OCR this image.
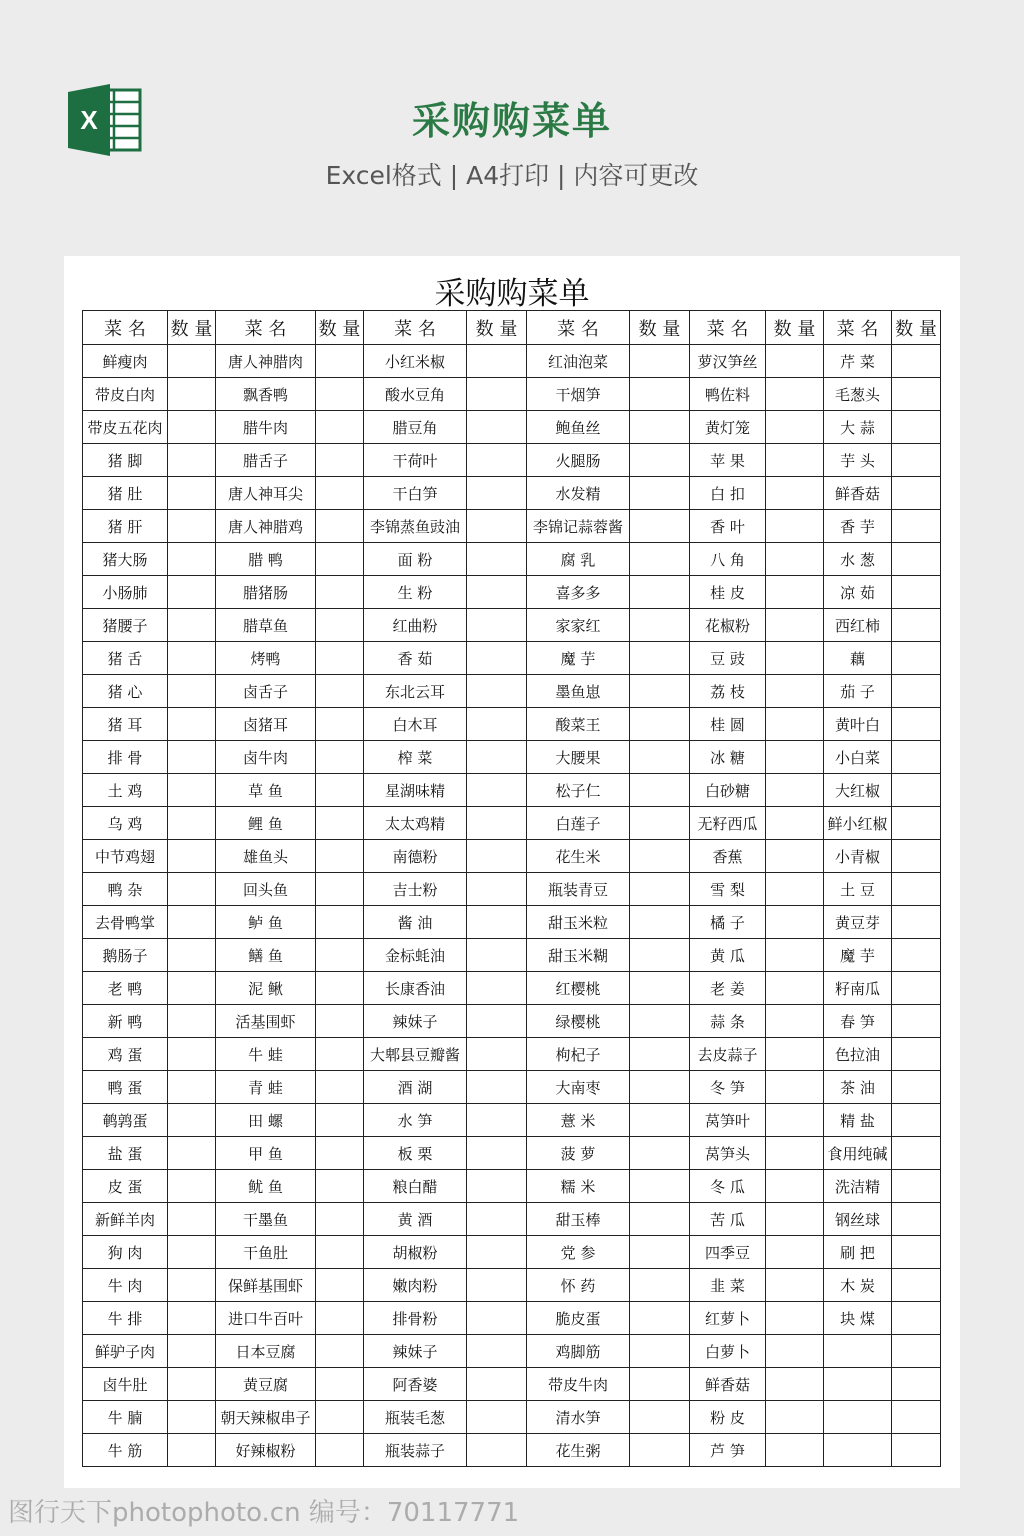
X	采购购菜单
Excel格式 | A4打印 | 内容可更改
采购购菜单
菜 名	数 量	菜 名	数 量	菜 名	数 量	菜 名	数 量	菜 名	数 量	菜 名	数 量
鲜瘦肉		唐人神腊肉		小红米椒		红油泡菜		萝汉笋丝		芹 菜	
带皮白肉		飘香鸭		酸水豆角		干烟笋		鸭佐料		毛葱头	
带皮五花肉		腊牛肉		腊豆角		鲍鱼丝		黄灯笼		大 蒜	
猪 脚		腊舌子		干荷叶		火腿肠		苹 果		芋 头	
猪 肚		唐人神耳尖		干白笋		水发精		白 扣		鲜香菇	
猪 肝		唐人神腊鸡		李锦蒸鱼豉油		李锦记蒜蓉酱		香 叶		香 芋	
猪大肠		腊 鸭		面 粉		腐 乳		八 角		水 葱	
小肠肺		腊猪肠		生 粉		喜多多		桂 皮		凉 茹	
猪腰子		腊草鱼		红曲粉		家家红		花椒粉		西红柿	
猪 舌		烤鸭		香 茹		魔 芋		豆 豉		藕	
猪 心		卤舌子		东北云耳		墨鱼崽		荔 枝		茄 子	
猪 耳		卤猪耳		白木耳		酸菜王		桂 圆		黄叶白	
排 骨		卤牛肉		榨 菜		大腰果		冰 糖		小白菜	
土 鸡		草 鱼		星湖味精		松子仁		白砂糖		大红椒	
乌 鸡		鲤 鱼		太太鸡精		白莲子		无籽西瓜		鲜小红椒	
中节鸡翅		雄鱼头		南德粉		花生米		香蕉		小青椒	
鸭 杂		回头鱼		吉士粉		瓶装青豆		雪 梨		土 豆	
去骨鸭掌		鲈 鱼		酱 油		甜玉米粒		橘 子		黄豆芽	
鹅肠子		鳝 鱼		金标蚝油		甜玉米糊		黄 瓜		魔 芋	
老 鸭		泥 鳅		长康香油		红樱桃		老 姜		籽南瓜	
新 鸭		活基围虾		辣妹子		绿樱桃		蒜 条		春 笋	
鸡 蛋		牛 蛙		大郫县豆瓣酱		枸杞子		去皮蒜子		色拉油	
鸭 蛋		青 蛙		酒 湖		大南枣		冬 笋		茶 油	
鹌鹑蛋		田 螺		水 笋		薏 米		莴笋叶		精 盐	
盐 蛋		甲 鱼		板 栗		菠 萝		莴笋头		食用纯碱	
皮 蛋		鱿 鱼		粮白醋		糯 米		冬 瓜		洗洁精	
新鲜羊肉		干墨鱼		黄 酒		甜玉棒		苦 瓜		钢丝球	
狗 肉		干鱼肚		胡椒粉		党 参		四季豆		刷 把	
牛 肉		保鲜基围虾		嫩肉粉		怀 药		韭 菜		木 炭	
牛 排		进口牛百叶		排骨粉		脆皮蛋		红萝卜		块 煤	
鲜驴子肉		日本豆腐		辣妹子		鸡脚筋		白萝卜			
卤牛肚		黄豆腐		阿香婆		带皮牛肉		鲜香菇			
牛 腩		朝天辣椒串子		瓶装毛葱		清水笋		粉 皮			
牛 筋		好辣椒粉		瓶装蒜子		花生粥		芦 笋			
图行天下photophoto.cn 编号：70117771
